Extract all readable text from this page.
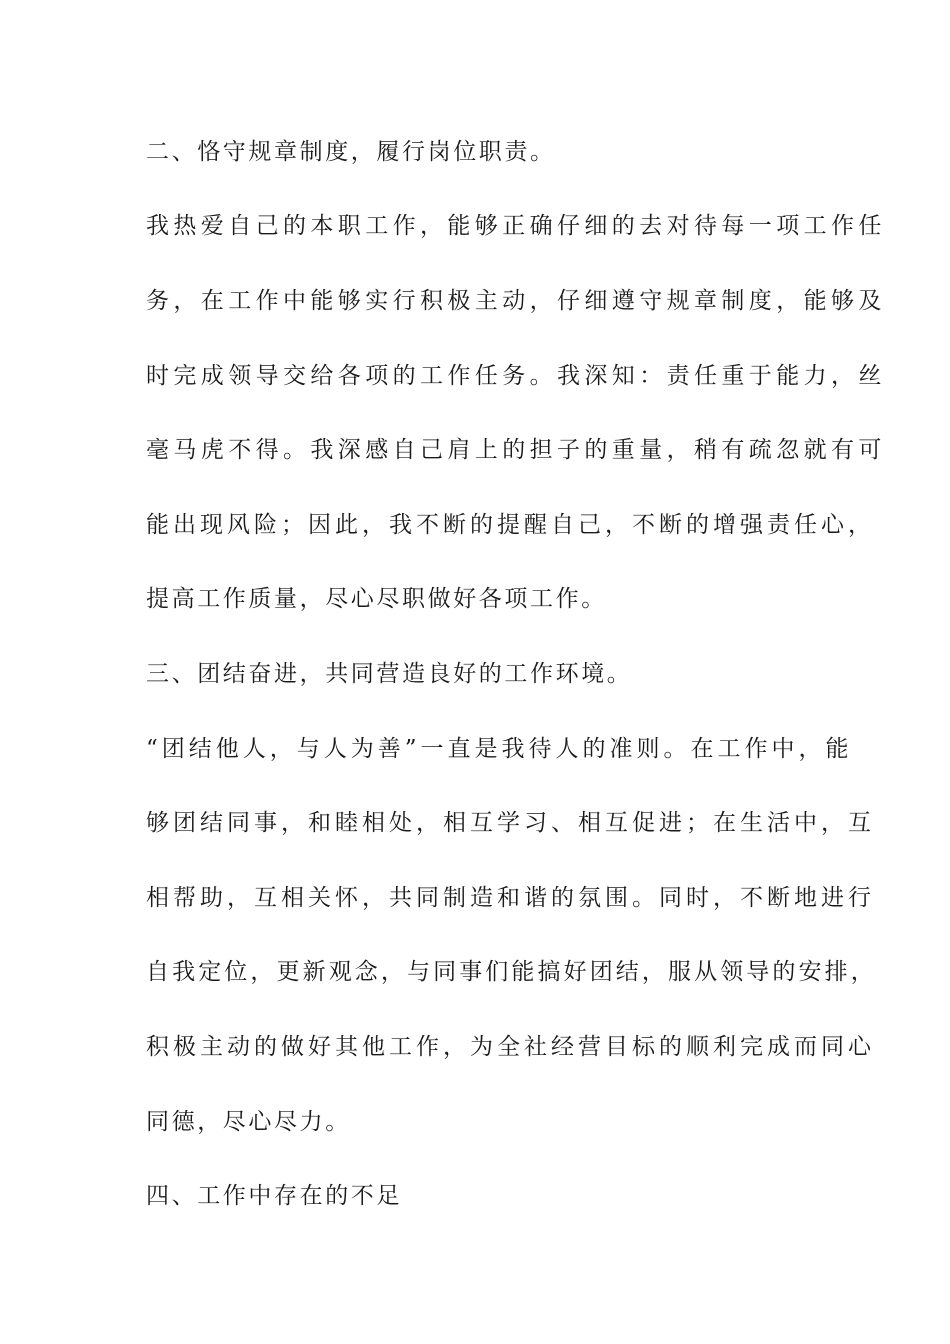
二、恪守规章制度，履行岗位职责。
我热爱自己的本职工作，能够正确仔细的去对待每一项工作任
务，在工作中能够实行积极主动，仔细遵守规章制度，能够及
时完成领导交给各项的工作任务。我深知：责任重于能力，丝
毫马虎不得。我深感自己肩上的担子的重量，稍有疏忽就有可
能出现风险；因此，我不断的提醒自己，不断的增强责任心，
提高工作质量，尽心尽职做好各项工作。
三、团结奋进，共同营造良好的工作环境。
“团结他人，与人为善”一直是我待人的准则。在工作中，能
够团结同事，和睦相处，相互学习、相互促进；在生活中，互
相帮助，互相关怀，共同制造和谐的氛围。同时，不断地进行
自我定位，更新观念，与同事们能搞好团结，服从领导的安排，
积极主动的做好其他工作，为全社经营目标的顺利完成而同心
同德，尽心尽力。
四、工作中存在的不足
